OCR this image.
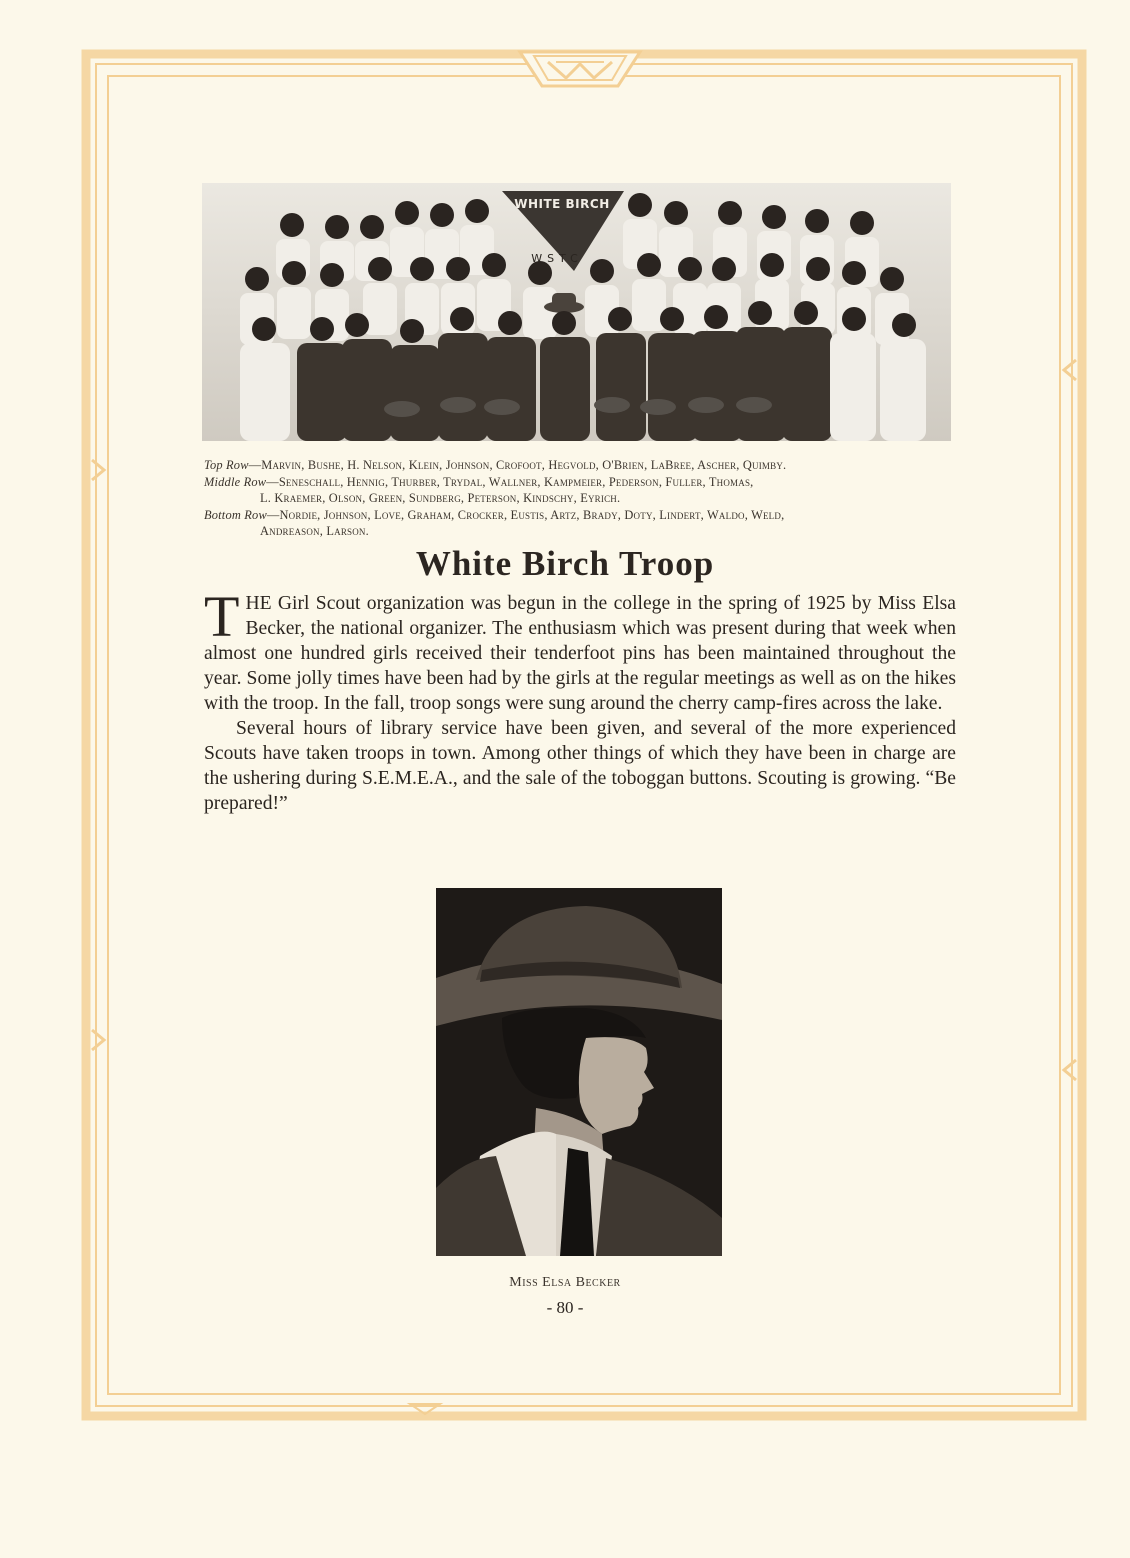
WHITE BIRCH
WSTC

Top Row—Marvin, Bushe, H. Nelson, Klein, Johnson, Crofoot, Hegvold, O'Brien, LaBree, Ascher, Quimby.

Middle Row—Seneschall, Hennig, Thurber, Trydal, Wallner, Kampmeier, Pederson, Fuller, Thomas,
L. Kraemer, Olson, Green, Sundberg, Peterson, Kindschy, Eyrich.

Bottom Row—Nordie, Johnson, Love, Graham, Crocker, Eustis, Artz, Brady, Doty, Lindert, Waldo, Weld,
Andreason, Larson.

White Birch Troop

THE Girl Scout organization was begun in the college in the spring of 1925 by Miss Elsa Becker, the national organizer. The enthusiasm which was present during that week when almost one hundred girls received their tenderfoot pins has been maintained throughout the year. Some jolly times have been had by the girls at the regular meetings as well as on the hikes with the troop. In the fall, troop songs were sung around the cherry camp-fires across the lake.

Several hours of library service have been given, and several of the more experienced Scouts have taken troops in town. Among other things of which they have been in charge are the ushering during S.E.M.E.A., and the sale of the toboggan buttons. Scouting is growing. “Be prepared!”

Miss Elsa Becker
- 80 -
